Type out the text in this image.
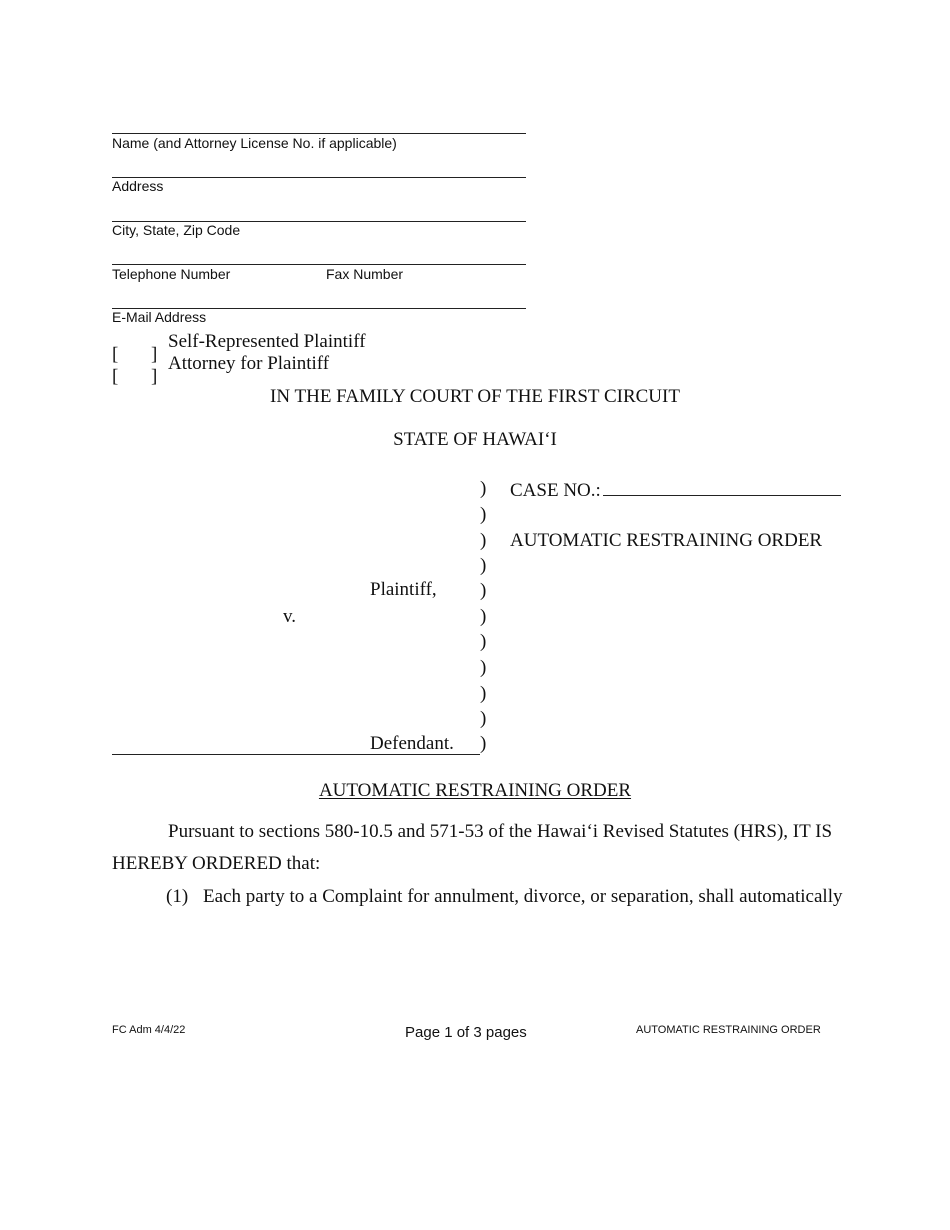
Name (and Attorney License No. if applicable)
Address
City, State, Zip Code
Telephone Number	Fax Number
E-Mail Address
[ ]
Self-Represented Plaintiff
[ ]
Attorney for Plaintiff
IN THE FAMILY COURT OF THE FIRST CIRCUIT
STATE OF HAWAI‘I
)
)
)
)
)
)
)
)
)
)
)
CASE NO.:
AUTOMATIC RESTRAINING ORDER
Plaintiff,
v.
Defendant.
AUTOMATIC RESTRAINING ORDER
Pursuant to sections 580-10.5 and 571-53 of the Hawai‘i Revised Statutes (HRS), IT IS
HEREBY ORDERED that:
(1) Each party to a Complaint for annulment, divorce, or separation, shall automatically
FC Adm 4/4/22	Page 1 of 3 pages	AUTOMATIC RESTRAINING ORDER
